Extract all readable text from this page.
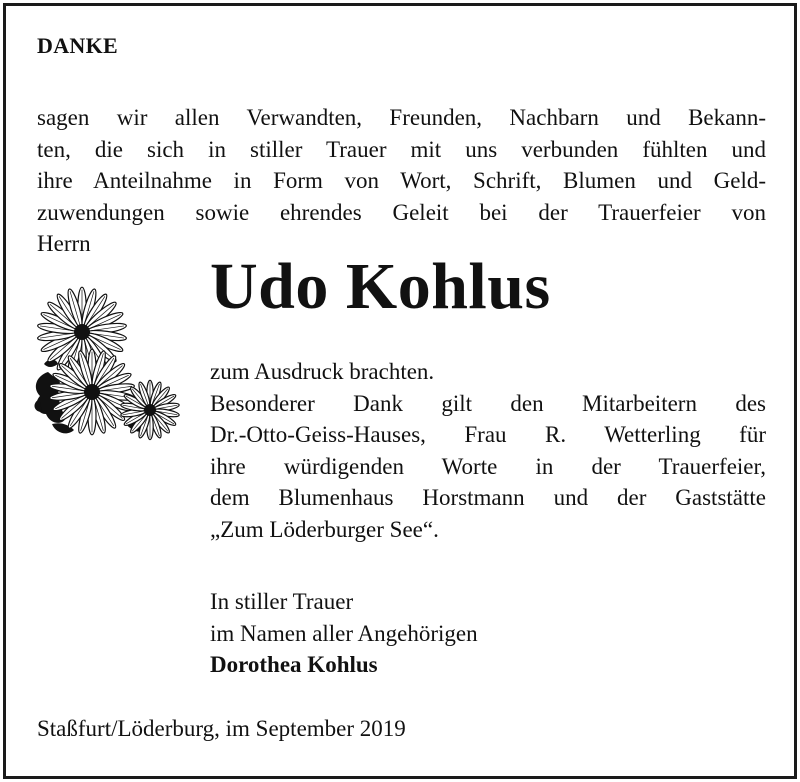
DANKE
sagen wir allen Verwandten, Freunden, Nachbarn und Bekann-
ten, die sich in stiller Trauer mit uns verbunden fühlten und
ihre Anteilnahme in Form von Wort, Schrift, Blumen und Geld-
zuwendungen sowie ehrendes Geleit bei der Trauerfeier von
Herrn
Udo Kohlus
zum Ausdruck brachten.
Besonderer Dank gilt den Mitarbeitern des
Dr.-Otto-Geiss-Hauses, Frau R. Wetterling für
ihre würdigenden Worte in der Trauerfeier,
dem Blumenhaus Horstmann und der Gaststätte
„Zum Löderburger See“.
In stiller Trauer
im Namen aller Angehörigen
Dorothea Kohlus
Staßfurt/Löderburg, im September 2019
